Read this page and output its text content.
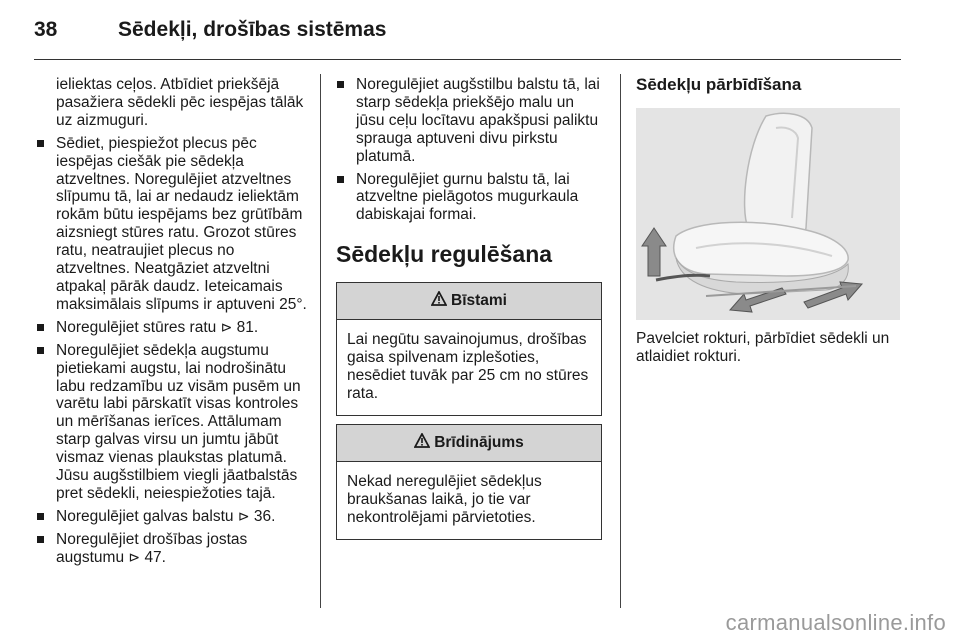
38	Sēdekļi, drošības sistēmas

ieliektas ceļos. Atbīdiet priekšējā pasažiera sēdekli pēc iespējas tālāk uz aizmuguri.

Sēdiet, piespiežot plecus pēc iespējas ciešāk pie sēdekļa atzveltnes. Noregulējiet atzveltnes slīpumu tā, lai ar nedaudz ieliektām rokām būtu iespējams bez grūtībām aizsniegt stūres ratu. Grozot stūres ratu, neatraujiet plecus no atzveltnes. Neatgāziet atzveltni atpakaļ pārāk daudz. Ieteicamais maksimālais slīpums ir aptuveni 25°.
Noregulējiet stūres ratu ⊳ 81.
Noregulējiet sēdekļa augstumu pietiekami augstu, lai nodrošinātu labu redzamību uz visām pusēm un varētu labi pārskatīt visas kontroles un mērīšanas ierīces. Attālumam starp galvas virsu un jumtu jābūt vismaz vienas plaukstas platumā. Jūsu augšstilbiem viegli jāatbalstās pret sēdekli, neiespiežoties tajā.
Noregulējiet galvas balstu ⊳ 36.
Noregulējiet drošības jostas augstumu ⊳ 47.
Noregulējiet augšstilbu balstu tā, lai starp sēdekļa priekšējo malu un jūsu ceļu locītavu apakšpusi paliktu sprauga aptuveni divu pirkstu platumā.
Noregulējiet gurnu balstu tā, lai atzveltne pielāgotos mugurkaula dabiskajai formai.
Sēdekļu regulēšana
Bīstami
Lai negūtu savainojumus, drošības gaisa spilvenam izplešoties, nesēdiet tuvāk par 25 cm no stūres rata.
Brīdinājums
Nekad neregulējiet sēdekļus braukšanas laikā, jo tie var nekontrolējami pārvietoties.
Sēdekļu pārbīdīšana

Pavelciet rokturi, pārbīdiet sēdekli un atlaidiet rokturi.

carmanualsonline.info
